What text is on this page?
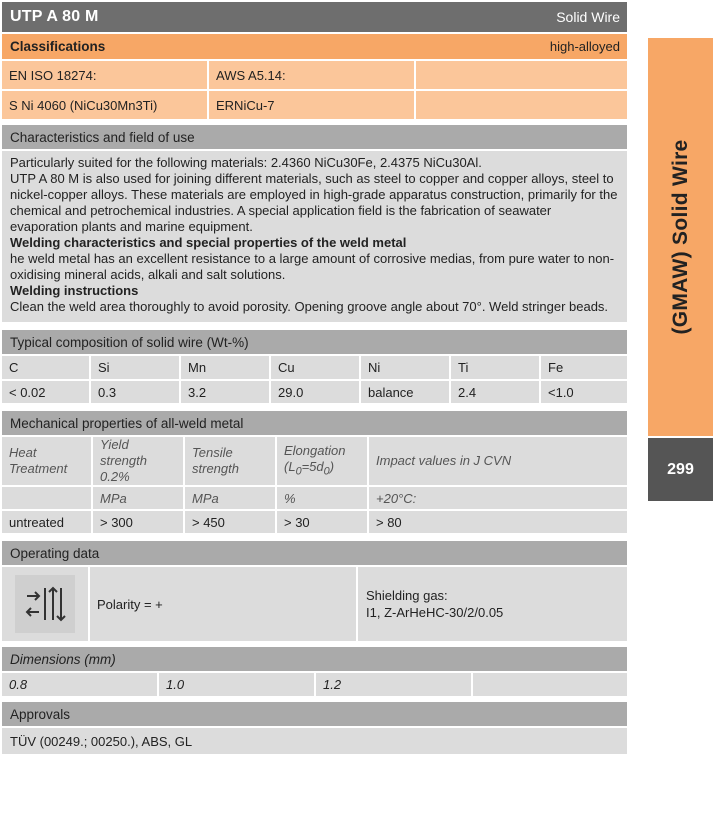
UTP A 80 M	Solid Wire
Classifications	high-alloyed
EN ISO 18274:	AWS A5.14:
S Ni 4060 (NiCu30Mn3Ti)	ERNiCu-7
Characteristics and field of use

Particularly suited for the following materials: 2.4360 NiCu30Fe, 2.4375 NiCu30Al.

UTP A 80 M is also used for joining different materials, such as steel to copper and copper alloys, steel to nickel-copper alloys. These materials are employed in high-grade apparatus construction, primarily for the chemical and petrochemical industries. A special application field is the fabrication of seawater evaporation plants and marine equipment.

Welding characteristics and special properties of the weld metal

he weld metal has an excellent resistance to a large amount of corrosive medias, from pure water to non-oxidising mineral acids, alkali and salt solutions.

Welding instructions

Clean the weld area thoroughly to avoid porosity. Opening groove angle about 70°. Weld stringer beads.

Typical composition of solid wire (Wt-%)
C	Si	Mn	Cu	Ni	Ti	Fe
< 0.02	0.3	3.2	29.0	balance	2.4	<1.0
Mechanical properties of all-weld metal
Heat Treatment	Yield strength 0.2%	Tensile strength	Elongation $(L_0=5d_0)$	Impact values in J CVN
	MPa	MPa	%	+20°C:
untreated	> 300	> 450	> 30	> 80
Operating data
Polarity = +
Shielding gas:
I1, Z-ArHeHC-30/2/0.05
Dimensions (mm)
0.8	1.0	1.2	
Approvals
TÜV (00249.; 00250.), ABS, GL
(GMAW) Solid Wire
299
